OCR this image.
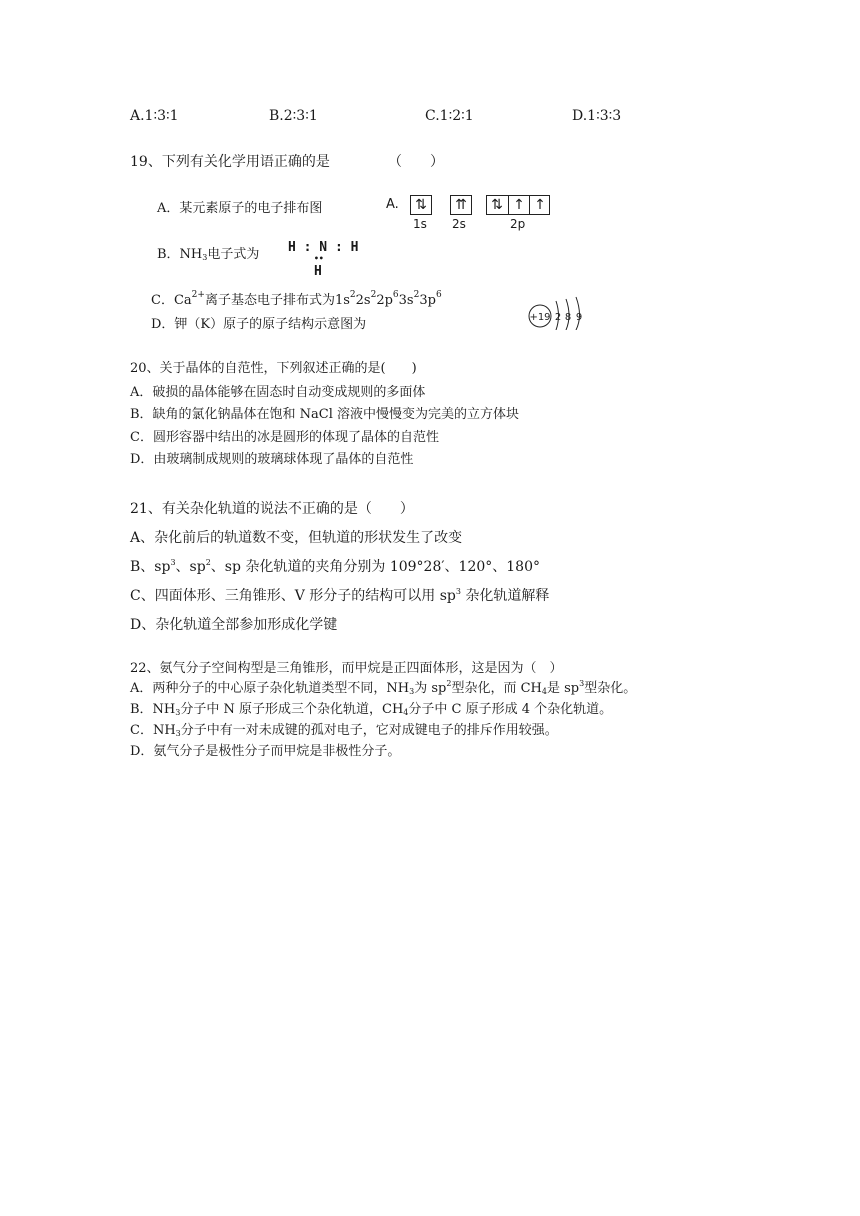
A.1∶3∶1	B.2∶3∶1	C.1∶2∶1	D.1∶3∶3
19、下列有关化学用语正确的是	（　　）
A．某元素原子的电子排布图	A. ⇅
1s
⇈
2s
⇅ ↑ ↑
2p
B．$NH_3$电子式为 H : N : H
••
H
C．$Ca^{2+}$离子基态电子排布式为$1s^22s^22p^63s^23p^6$
D．钾（K）原子的原子结构示意图为	+19 2 8 9
20、关于晶体的自范性，下列叙述正确的是(　　)
A．破损的晶体能够在固态时自动变成规则的多面体
B．缺角的氯化钠晶体在饱和 NaCl 溶液中慢慢变为完美的立方体块
C．圆形容器中结出的冰是圆形的体现了晶体的自范性
D．由玻璃制成规则的玻璃球体现了晶体的自范性
21、有关杂化轨道的说法不正确的是（　　）
A、杂化前后的轨道数不变，但轨道的形状发生了改变
B、$sp^3$、$sp^2$、sp 杂化轨道的夹角分别为 109°28′、120°、180°
C、四面体形、三角锥形、V 形分子的结构可以用 $sp^3$ 杂化轨道解释
D、杂化轨道全部参加形成化学键
22、氨气分子空间构型是三角锥形，而甲烷是正四面体形，这是因为（　）
A．两种分子的中心原子杂化轨道类型不同，$NH_3$为 $sp^2$型杂化，而 $CH_4$是 $sp^3$型杂化。
B．$NH_3$分子中 N 原子形成三个杂化轨道，$CH_4$分子中 C 原子形成 4 个杂化轨道。
C．$NH_3$分子中有一对未成键的孤对电子，它对成键电子的排斥作用较强。
D．氨气分子是极性分子而甲烷是非极性分子。
